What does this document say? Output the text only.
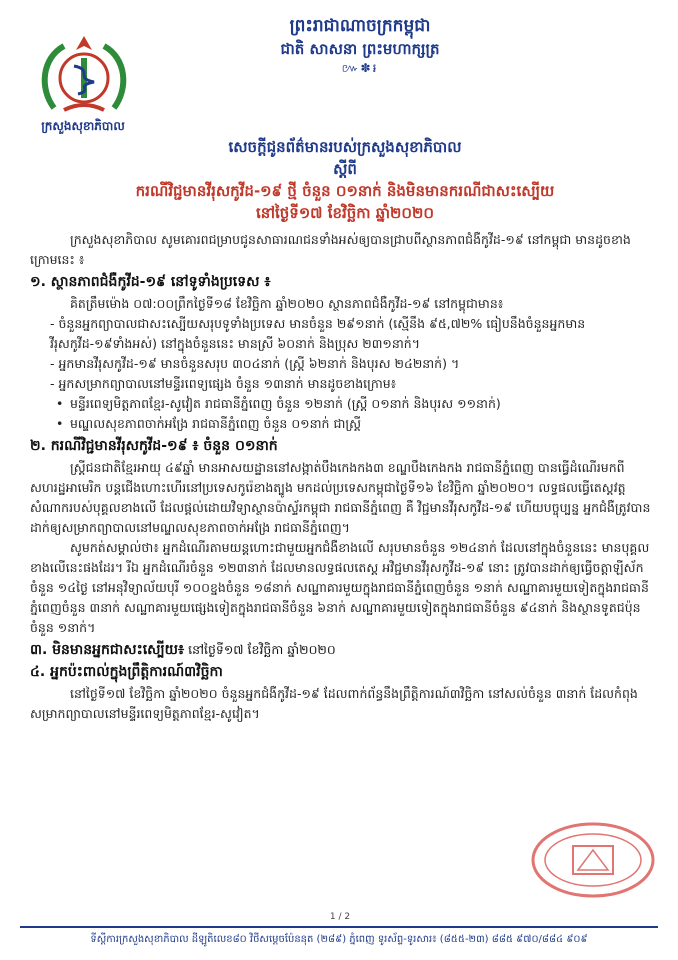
ក្រសួងសុខាភិបាល
ព្រះរាជាណាចក្រកម្ពុជា
ជាតិ សាសនា ព្រះមហាក្សត្រ
៚✽៛
សេចក្តីជូនព័ត៌មានរបស់ក្រសួងសុខាភិបាល
ស្តីពី
ករណីវិជ្ជមានវីរុសកូវីដ-១៩ ថ្មី ចំនួន ០១នាក់ និងមិនមានករណីជាសះស្បើយ
នៅថ្ងៃទី១៧ ខែវិច្ឆិកា ឆ្នាំ២០២០

ក្រសួងសុខាភិបាល សូមគោរពជម្រាបជូនសាធារណជនទាំងអស់ឲ្យបានជ្រាបពីស្ថានភាពជំងឺកូវីដ-១៩ នៅកម្ពុជា មានដូចខាងក្រោមនេះ ៖

១. ស្ថានភាពជំងឺកូវីដ-១៩ នៅទូទាំងប្រទេស ៖

គិតត្រឹមម៉ោង ០៧:០០ព្រឹកថ្ងៃទី១៨ ខែវិច្ឆិកា ឆ្នាំ២០២០ ស្ថានភាពជំងឺកូវីដ-១៩ នៅកម្ពុជាមាន៖

- ចំនួនអ្នកព្យាបាលជាសះស្បើយសរុបទូទាំងប្រទេស មានចំនួន ២៩១នាក់ (ស្មើនឹង ៩៥,៧២% ធៀបនឹងចំនួនអ្នកមានវីរុសកូវីដ-១៩ទាំងអស់) នៅក្នុងចំនួននេះ មានស្រី ៦០នាក់ និងប្រុស ២៣១នាក់។

- អ្នកមានវីរុសកូវីដ-១៩ មានចំនួនសរុប ៣០៤នាក់ (ស្ត្រី ៦២នាក់ និងបុរស ២៤២នាក់) ។

- អ្នកសម្រាកព្យាបាលនៅមន្ទីរពេទ្យផ្សេង ចំនួន ១៣នាក់ មានដូចខាងក្រោម៖

• មន្ទីរពេទ្យមិត្តភាពខ្មែរ-សូវៀត រាជធានីភ្នំពេញ ចំនួន ១២នាក់ (ស្ត្រី ០១នាក់ និងបុរស ១១នាក់)

• មណ្ឌលសុខភាពចាក់អង្រែ រាជធានីភ្នំពេញ ចំនួន ០១នាក់ ជាស្ត្រី

២. ករណីវិជ្ជមានវីរុសកូវីដ-១៩ ៖ ចំនួន ០១នាក់

ស្ត្រីជនជាតិខ្មែរអាយុ ៤៩ឆ្នាំ មានអាសយដ្ឋាននៅសង្កាត់បឹងកេងកង៣ ខណ្ឌបឹងកេងកង រាជធានីភ្នំពេញ បានធ្វើដំណើរមកពីសហរដ្ឋអាមេរិក បន្តជើងហោះហើរនៅប្រទេសកូរ៉េខាងត្បូង មកដល់ប្រទេសកម្ពុជាថ្ងៃទី១៦ ខែវិច្ឆិកា ឆ្នាំ២០២០។ លទ្ធផលធ្វើតេស្តវត្តសំណាករបស់បុគ្គលខាងលើ ដែលផ្តល់ដោយវិទ្យាស្ថានប៉ាស្ទ័រកម្ពុជា រាជធានីភ្នំពេញ គឺ វិជ្ជមានវីរុសកូវីដ-១៩ ហើយបច្ចុប្បន្ន អ្នកជំងឺត្រូវបានដាក់ឲ្យសម្រាកព្យាបាលនៅមណ្ឌលសុខភាពចាក់អង្រែ រាជធានីភ្នំពេញ។

សូមកត់សម្គាល់ថា៖ អ្នកដំណើរតាមយន្តហោះជាមួយអ្នកជំងឺខាងលើ សរុបមានចំនួន ១២៤នាក់ ដែលនៅក្នុងចំនួននេះ មានបុគ្គលខាងលើនេះផងដែរ។ រីឯ អ្នកដំណើរចំនួន ១២៣នាក់ ដែលមានលទ្ធផលតេស្ត អវិជ្ជមានវីរុសកូវីដ-១៩ នោះ ត្រូវបានដាក់ឲ្យធ្វើចត្តាឡីស័កចំនួន ១៤ថ្ងៃ នៅអនុវិទ្យាល័យបុរី ១០០ខ្នងចំនួន ១៨នាក់ សណ្ឋាគារមួយក្នុងរាជធានីភ្នំពេញចំនួន ១នាក់ សណ្ឋាគារមួយទៀតក្នុងរាជធានីភ្នំពេញចំនួន ៣នាក់ សណ្ឋាគារមួយផ្សេងទៀតក្នុងរាជធានីចំនួន ៦នាក់ សណ្ឋាគារមួយទៀតក្នុងរាជធានីចំនួន ៩៤នាក់ និងស្ថានទូតជប៉ុនចំនួន ១នាក់។

៣. មិនមានអ្នកជាសះស្បើយ៖ នៅថ្ងៃទី១៧ ខែវិច្ឆិកា ឆ្នាំ២០២០
៤. អ្នកប៉ះពាល់ក្នុងព្រឹត្តិការណ៍៣វិច្ឆិកា

នៅថ្ងៃទី១៧ ខែវិច្ឆិកា ឆ្នាំ២០២០ ចំនួនអ្នកជំងឺកូវីដ-១៩ ដែលពាក់ព័ន្ធនឹងព្រឹត្តិការណ៍៣វិច្ឆិកា នៅសល់ចំនួន ៣នាក់ ដែលកំពុងសម្រាកព្យាបាលនៅមន្ទីរពេទ្យមិត្តភាពខ្មែរ-សូវៀត។

1 / 2
ទីស្តីការក្រសួងសុខាភិបាល ដីឡូតិលេខ៨០ វិថីសម្តេចប៉ែននុត (២៨៩) ភ្នំពេញ ទូរស័ព្ទ-ទូរសារ៖ (៨៥៥-២៣) ៨៨៥ ៩៧០/៨៨៤ ៩០៩
